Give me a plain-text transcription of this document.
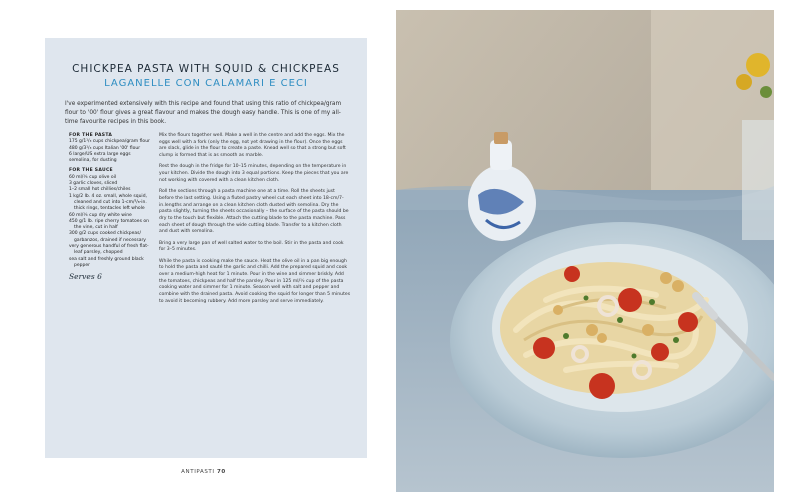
CHICKPEA PASTA WITH SQUID & CHICKPEAS
LAGANELLE CON CALAMARI E CECI
I've experimented extensively with this recipe and found that using this ratio of chickpea/gram flour to '00' flour gives a great flavour and makes the dough easy handle. This is one of my all-time favourite recipes in this book.
FOR THE PASTA
175 g/1¹/₃ cups chickpea/gram flour
480 g/3¹/₃ cups Italian '00' flour
6 large/US extra large eggs
semolina, for dusting
FOR THE SAUCE
60 ml/¼ cup olive oil
3 garlic cloves, sliced
1–2 small hot chillies/chiles
1 kg/2 lb. 4 oz. small, whole squid, cleaned and cut into 1-cm/³/₈-in. thick rings, tentacles left whole
60 ml/¼ cup dry white wine
450 g/1 lb. ripe cherry tomatoes on the vine, cut in half
300 g/2 cups cooked chickpeas/ garbanzos, drained if necessary
very generous handful of fresh flat-leaf parsley, chopped
sea salt and freshly ground black pepper
Serves 6

Mix the flours together well. Make a well in the centre and add the eggs. Mix the eggs well with a fork (only the egg, not yet drawing in the flour). Once the eggs are slack, glide in the flour to create a paste. Knead well so that a strong but soft clump is formed that is as smooth as marble.

Rest the dough in the fridge for 10–15 minutes, depending on the temperature in your kitchen. Divide the dough into 3 equal portions. Keep the pieces that you are not working with covered with a clean kitchen cloth.

Roll the sections through a pasta machine one at a time. Roll the sheets just before the last setting. Using a fluted pastry wheel cut each sheet into 18-cm/7-in.lengths and arrange on a clean kitchen cloth dusted with semolina. Dry the pasta slightly, turning the sheets occasionally – the surface of the pasta should be dry to the touch but flexible. Attach the cutting blade to the pasta machine. Pass each sheet of dough through the wide cutting blade. Transfer to a kitchen cloth and dust with semolina.

Bring a very large pan of well salted water to the boil. Stir in the pasta and cook for 3–5 minutes.

While the pasta is cooking make the sauce. Heat the olive oil in a pan big enough to hold the pasta and sauté the garlic and chilli. Add the prepared squid and cook over a medium-high heat for 1 minute. Pour in the wine and simmer briskly. Add the tomatoes, chickpeas and half the parsley. Pour in 125 ml/½ cup of the pasta cooking water and simmer for 1 minute. Season well with salt and pepper and combine with the drained pasta. Avoid cooking the squid for longer than 5 minutes to avoid it becoming rubbery. Add more parsley and serve immediately.

ANTIPASTI 70
